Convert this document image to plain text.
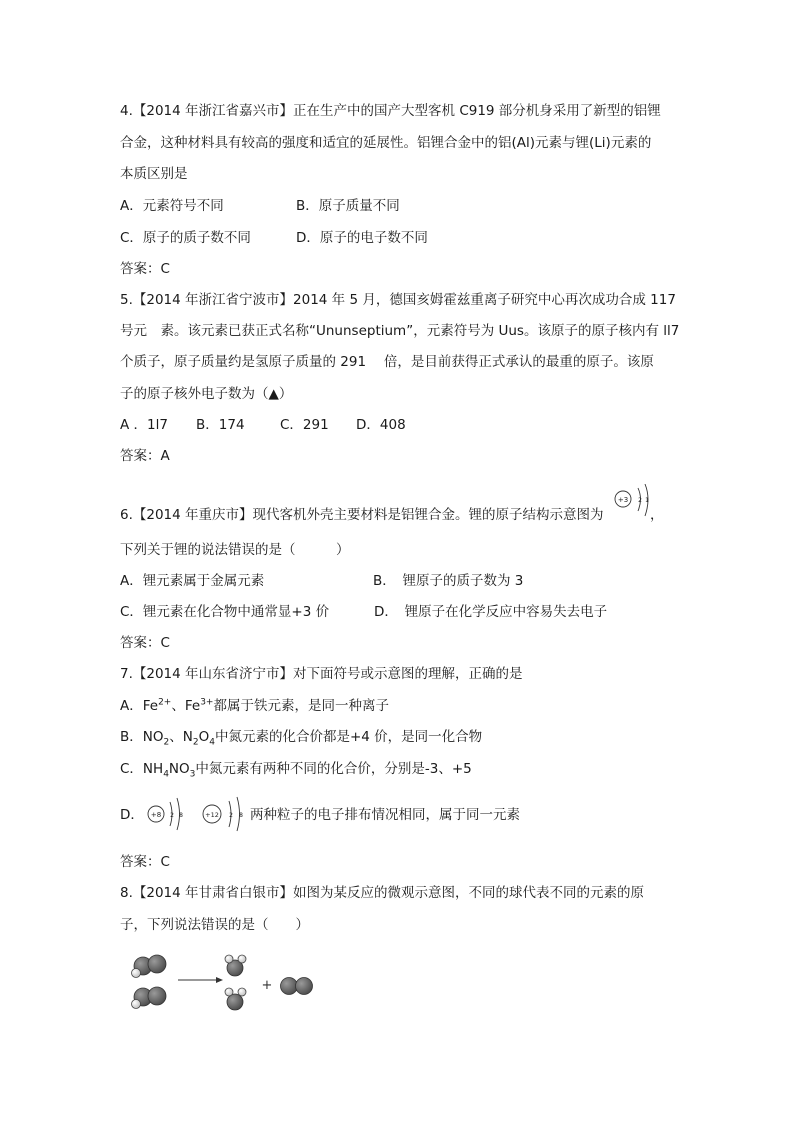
4.【2014 年浙江省嘉兴市】正在生产中的国产大型客机 C919 部分机身采用了新型的铝锂
合金，这种材料具有较高的强度和适宜的延展性。铝锂合金中的铝(Al)元素与锂(Li)元素的
本质区别是
A．元素符号不同	B．原子质量不同
C．原子的质子数不同	D．原子的电子数不同
答案：C
5.【2014 年浙江省宁波市】2014 年 5 月，德国亥姆霍兹重离子研究中心再次成功合成 117
号元　素。该元素已获正式名称“Ununseptium”，元素符号为 Uus。该原子的原子核内有 ll7
个质子，原子质量约是氢原子质量的 291　 倍，是目前获得正式承认的最重的原子。该原
子的原子核外电子数为（▲）
A ．1l7 B．174	C．291 D．408
答案：A
6.【2014 年重庆市】现代客机外壳主要材料是铝锂合金。锂的原子结构示意图为
+3 2 1
，
下列关于锂的说法错误的是（　　　）
A．锂元素属于金属元素	B．　锂原子的质子数为 3
C．锂元素在化合物中通常显+3 价	D．　锂原子在化学反应中容易失去电子
答案：C
7.【2014 年山东省济宁市】对下面符号或示意图的理解，正确的是
A．$Fe^{2+}$、$Fe^{3+}$都属于铁元素，是同一种离子
B．$NO_2$、$N_2O_4$中氮元素的化合价都是+4 价，是同一化合物
C．$NH_4NO_3$中氮元素有两种不同的化合价，分别是-3、+5
D． +8 2 8	+12 2 8 两种粒子的电子排布情况相同，属于同一元素
答案：C
8.【2014 年甘肃省白银市】如图为某反应的微观示意图，不同的球代表不同的元素的原
子，下列说法错误的是（　　）
+
